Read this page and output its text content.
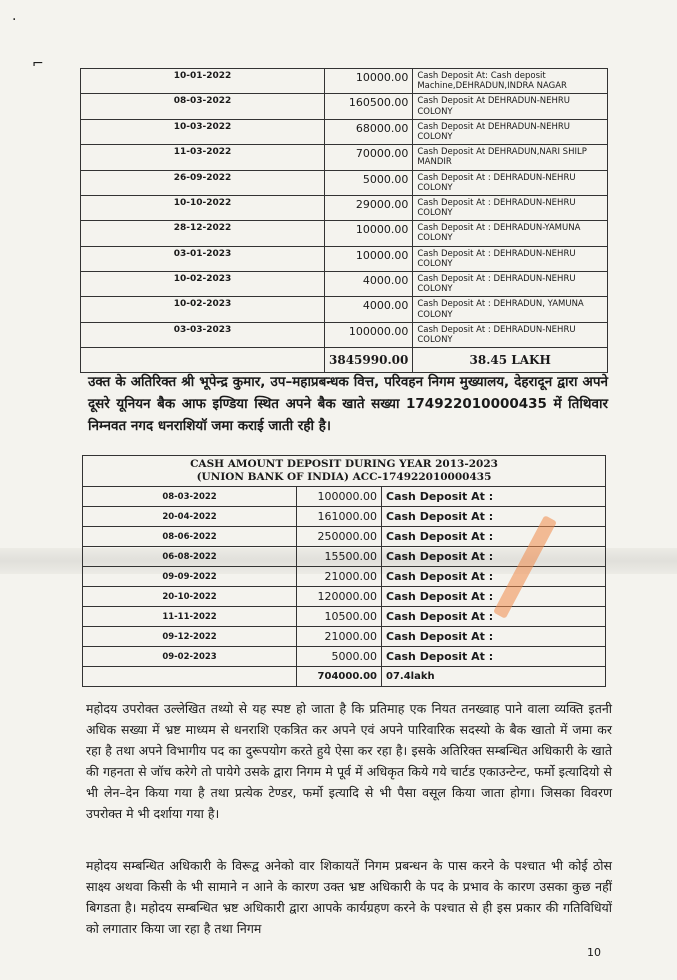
·
⌐
10-01-2022	10000.00	Cash Deposit At: Cash deposit Machine,DEHRADUN,INDRA NAGAR
08-03-2022	160500.00	Cash Deposit At DEHRADUN-NEHRU COLONY
10-03-2022	68000.00	Cash Deposit At DEHRADUN-NEHRU COLONY
11-03-2022	70000.00	Cash Deposit At DEHRADUN,NARI SHILP MANDIR
26-09-2022	5000.00	Cash Deposit At : DEHRADUN-NEHRU COLONY
10-10-2022	29000.00	Cash Deposit At : DEHRADUN-NEHRU COLONY
28-12-2022	10000.00	Cash Deposit At : DEHRADUN-YAMUNA COLONY
03-01-2023	10000.00	Cash Deposit At : DEHRADUN-NEHRU COLONY
10-02-2023	4000.00	Cash Deposit At : DEHRADUN-NEHRU COLONY
10-02-2023	4000.00	Cash Deposit At : DEHRADUN, YAMUNA COLONY
03-03-2023	100000.00	Cash Deposit At : DEHRADUN-NEHRU COLONY
	3845990.00	38.45 LAKH
उक्त के अतिरिक्त श्री भूपेन्द्र कुमार, उप–महाप्रबन्धक वित्त, परिवहन निगम मुख्यालय, देहरादून द्वारा अपने दूसरे यूनियन बैक आफ इण्डिया स्थित अपने बैक खाते सख्या 174922010000435 में तिथिवार निम्नवत नगद धनराशियॉ जमा कराई जाती रही है।
CASH AMOUNT DEPOSIT DURING YEAR 2013-2023
(UNION BANK OF INDIA) ACC-174922010000435		

08-03-2022	100000.00	Cash Deposit At :
20-04-2022	161000.00	Cash Deposit At :
08-06-2022	250000.00	Cash Deposit At :
06-08-2022	15500.00	Cash Deposit At :
09-09-2022	21000.00	Cash Deposit At :
20-10-2022	120000.00	Cash Deposit At :
11-11-2022	10500.00	Cash Deposit At :
09-12-2022	21000.00	Cash Deposit At :
09-02-2023	5000.00	Cash Deposit At :
	704000.00	07.4lakh
महोदय उपरोक्त उल्लेखित तथ्यो से यह स्पष्ट हो जाता है कि प्रतिमाह एक नियत तनख्वाह पाने वाला व्यक्ति इतनी अधिक सख्या में भ्रष्ट माध्यम से धनराशि एकत्रित कर अपने एवं अपने पारिवारिक सदस्यो के बैक खातो में जमा कर रहा है तथा अपने विभागीय पद का दुरूपयोग करते हुये ऐसा कर रहा है। इसके अतिरिक्त सम्बन्धित अधिकारी के खाते की गहनता से जॉच करेगे तो पायेगे उसके द्वारा निगम मे पूर्व में अधिकृत किये गये चार्टड एकाउन्टेन्ट, फर्मो इत्यादियो से भी लेन–देन किया गया है तथा प्रत्येक टेण्डर, फर्मो इत्यादि से भी पैसा वसूल किया जाता होगा। जिसका विवरण उपरोक्त मे भी दर्शाया गया है।
महोदय सम्बन्धित अधिकारी के विरूद्व अनेको वार शिकायतें निगम प्रबन्धन के पास करने के पश्चात भी कोई ठोस साक्ष्य अथवा किसी के भी सामाने न आने के कारण उक्त भ्रष्ट अधिकारी के पद के प्रभाव के कारण उसका कुछ नहीं बिगडता है। महोदय सम्बन्धित भ्रष्ट अधिकारी द्वारा आपके कार्यग्रहण करने के पश्चात से ही इस प्रकार की गतिविधियों को लगातार किया जा रहा है तथा निगम
10
